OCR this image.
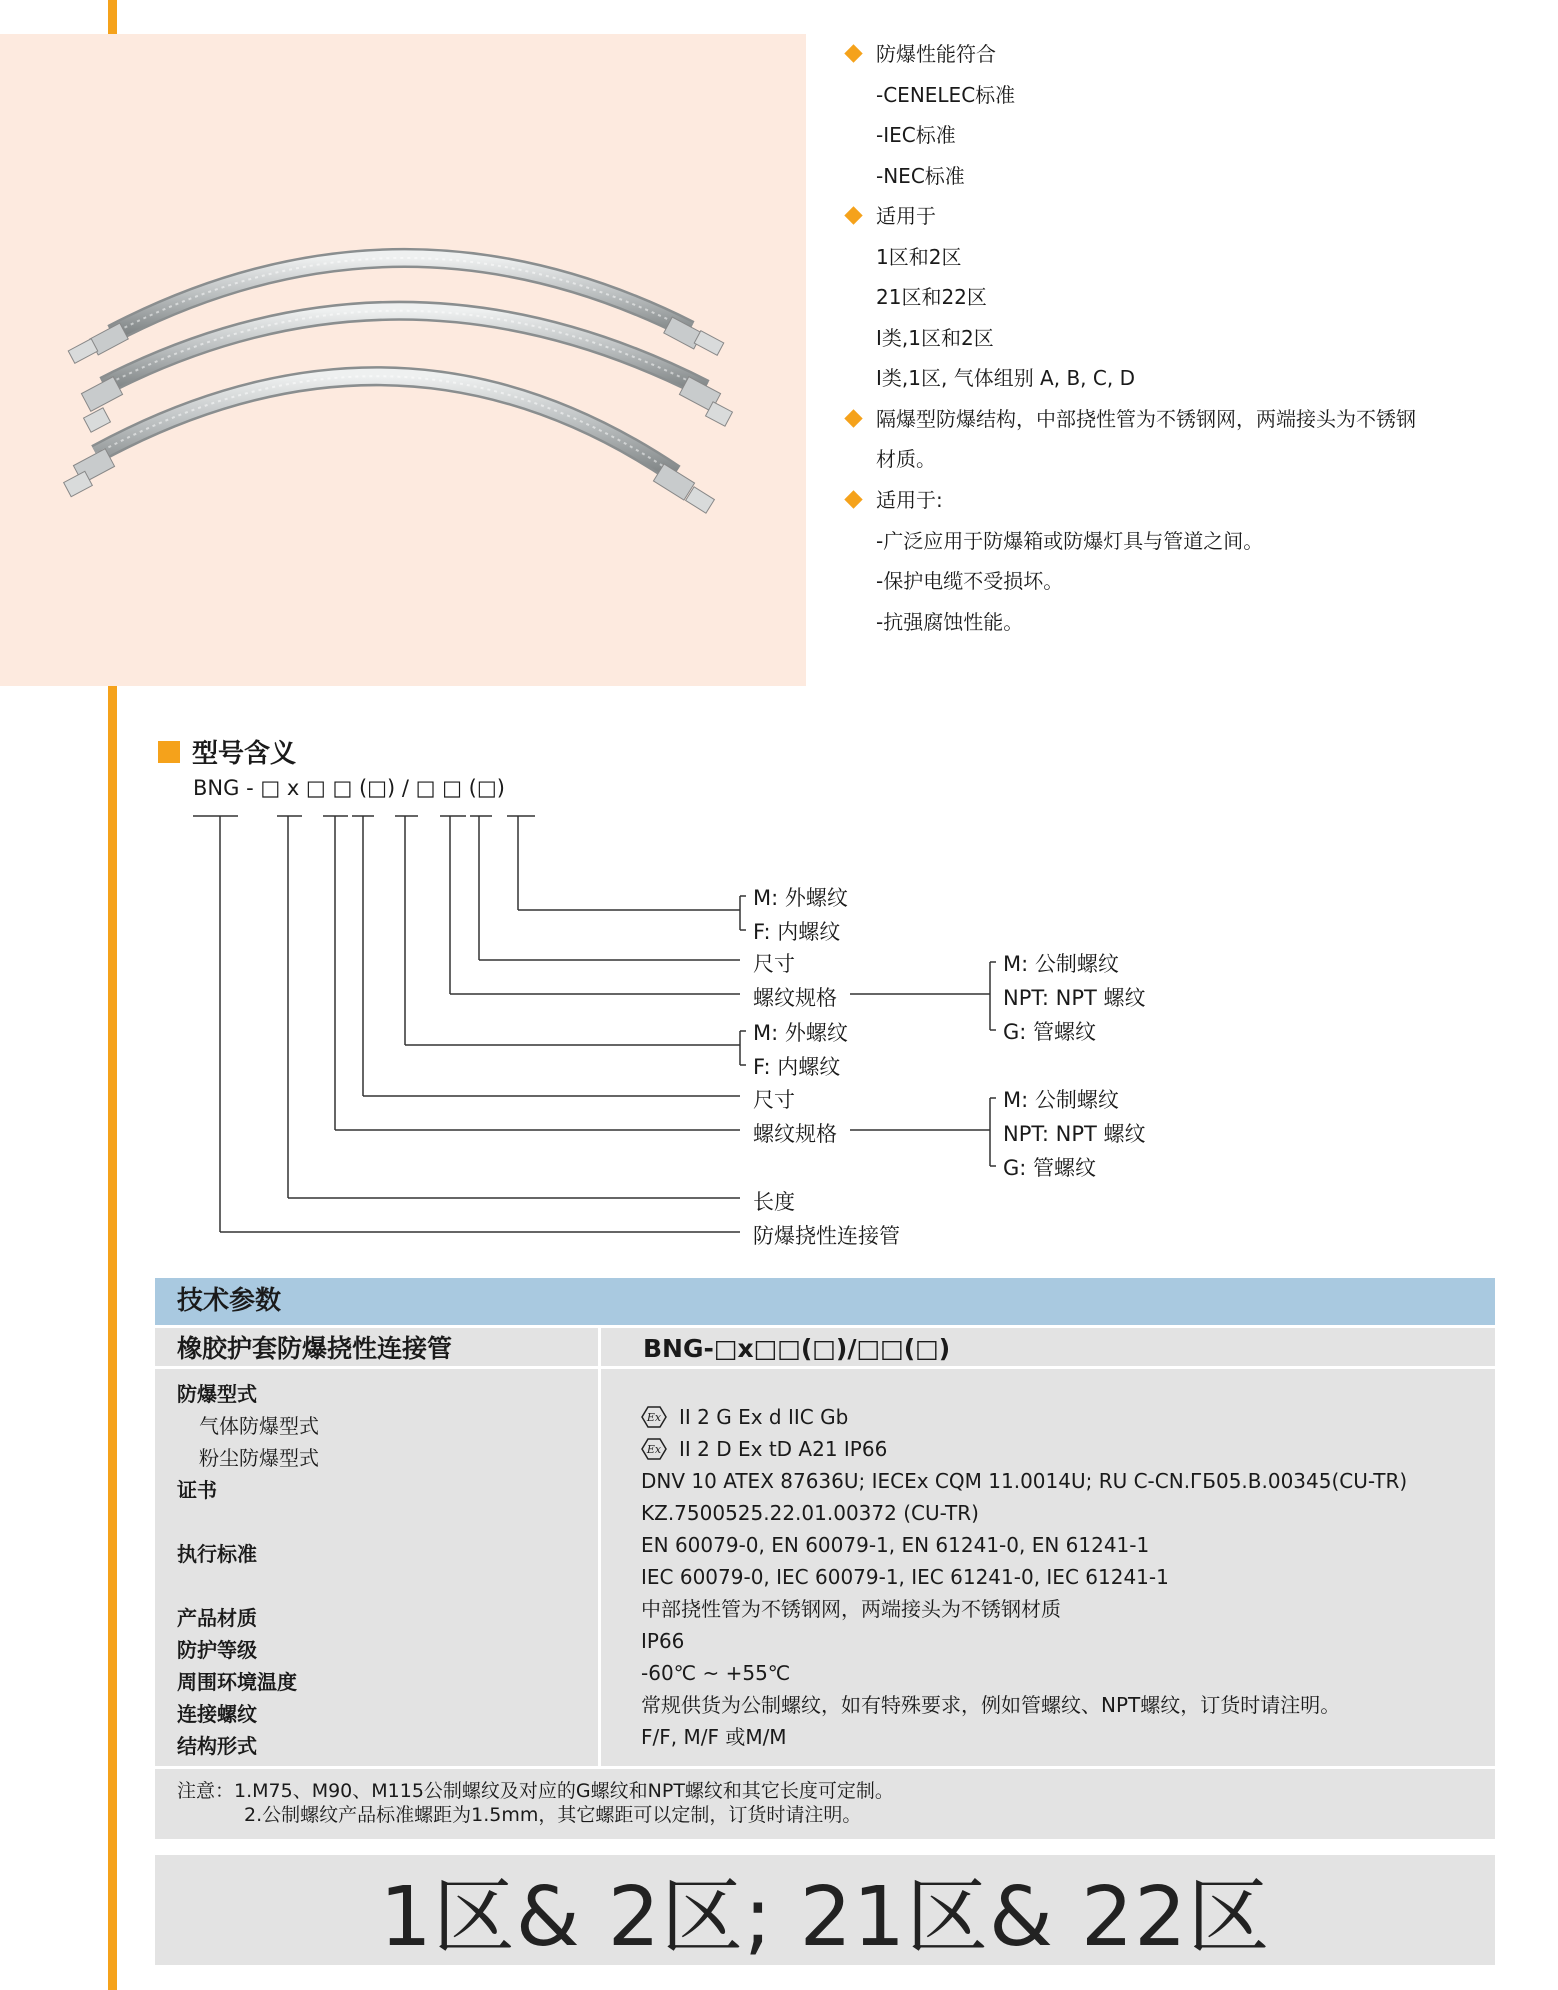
防爆性能符合
-CENELEC标准
-IEC标准
-NEC标准
适用于
1区和2区
21区和22区
Ⅰ类,1区和2区
Ⅰ类,1区, 气体组别 A, B, C, D
隔爆型防爆结构，中部挠性管为不锈钢网，两端接头为不锈钢
材质。
适用于:
-广泛应用于防爆箱或防爆灯具与管道之间。
-保护电缆不受损坏。
-抗强腐蚀性能。
型号含义
BNG - □ x □ □ (□) / □ □ (□)
M: 外螺纹
F: 内螺纹
尺寸
螺纹规格
M: 外螺纹
F: 内螺纹
尺寸
螺纹规格
长度
防爆挠性连接管
M: 公制螺纹
NPT: NPT 螺纹
G: 管螺纹
M: 公制螺纹
NPT: NPT 螺纹
G: 管螺纹
技术参数
橡胶护套防爆挠性连接管	BNG-□x□□(□)/□□(□)
防爆型式
气体防爆型式
粉尘防爆型式
证书
执行标准
产品材质
防护等级
周围环境温度
连接螺纹
结构形式
Ex II 2 G Ex d IIC Gb
Ex II 2 D Ex tD A21 IP66
DNV 10 ATEX 87636U; IECEx CQM 11.0014U; RU C-CN.ГБ05.B.00345(CU-TR)
KZ.7500525.22.01.00372 (CU-TR)
EN 60079-0, EN 60079-1, EN 61241-0, EN 61241-1
IEC 60079-0, IEC 60079-1, IEC 61241-0, IEC 61241-1
中部挠性管为不锈钢网，两端接头为不锈钢材质
IP66
-60℃ ~ +55℃
常规供货为公制螺纹，如有特殊要求，例如管螺纹、NPT螺纹，订货时请注明。
F/F, M/F 或M/M
注意：1.M75、M90、M115公制螺纹及对应的G螺纹和NPT螺纹和其它长度可定制。
2.公制螺纹产品标准螺距为1.5mm，其它螺距可以定制，订货时请注明。
1区& 2区; 21区& 22区
